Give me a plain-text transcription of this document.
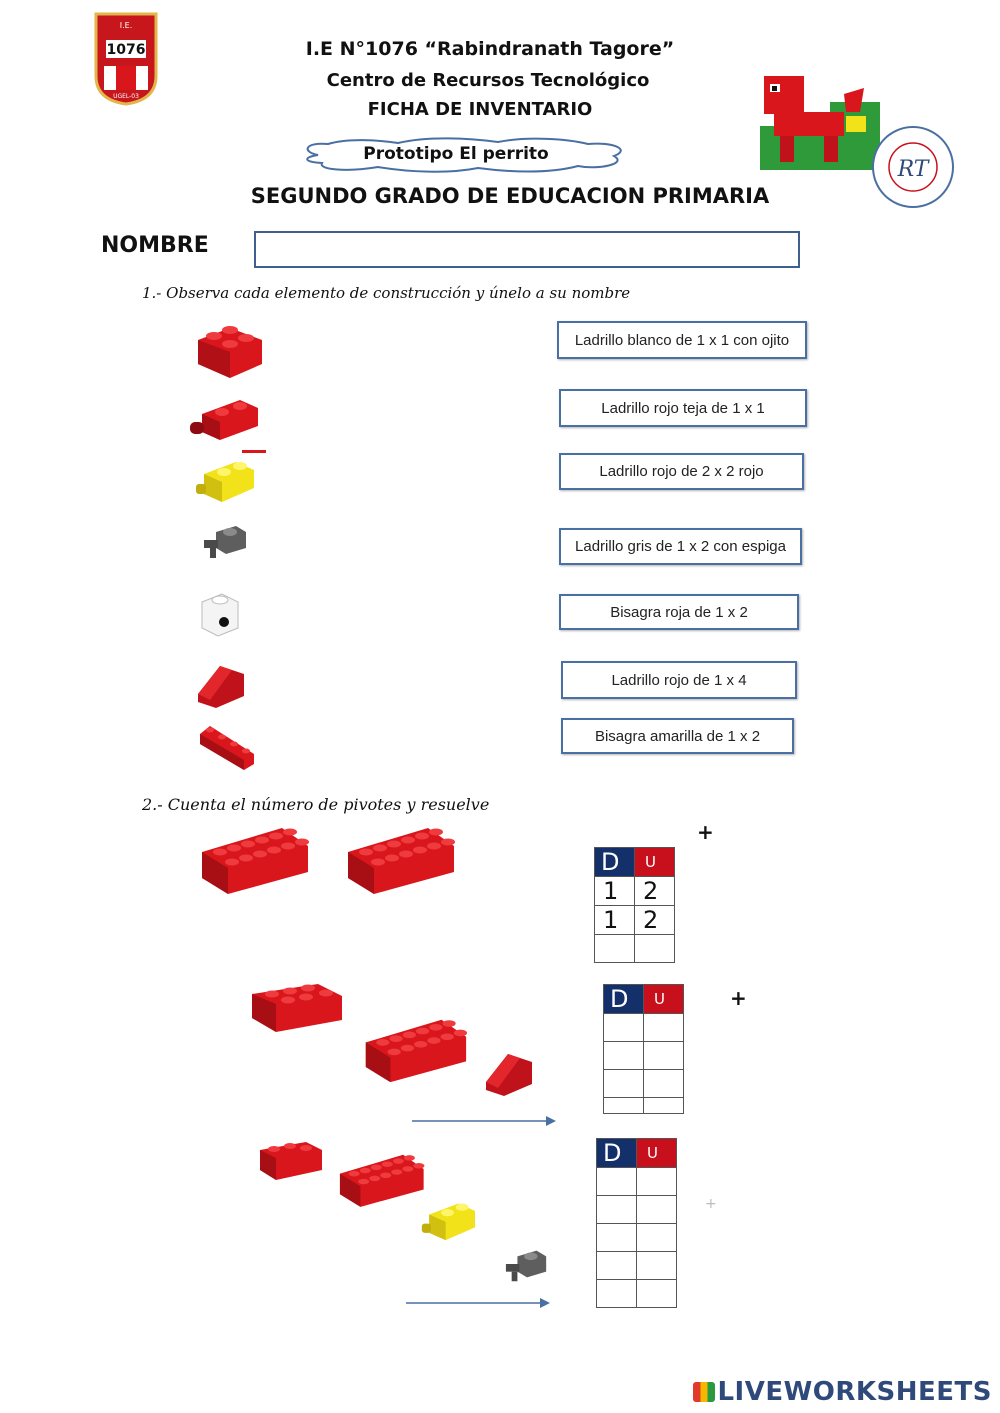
I.E.
1076
UGEL-03
I.E N°1076 “Rabindranath Tagore”
Centro de Recursos Tecnológico
FICHA DE INVENTARIO
Prototipo El perrito
RT
SEGUNDO GRADO DE EDUCACION PRIMARIA
NOMBRE
1.- Observa cada elemento de construcción y únelo a su nombre
Ladrillo blanco de 1 x 1 con ojito
Ladrillo rojo teja de 1 x 1
Ladrillo rojo de 2 x 2 rojo
Ladrillo gris de 1 x 2 con espiga
Bisagra roja de 1 x 2
Ladrillo rojo de 1 x 4
Bisagra amarilla de 1 x 2
2.- Cuenta el número de pivotes y resuelve
D	U
1	2
1	2

+
D	U

		+
D	U

+
LIVEWORKSHEETS
